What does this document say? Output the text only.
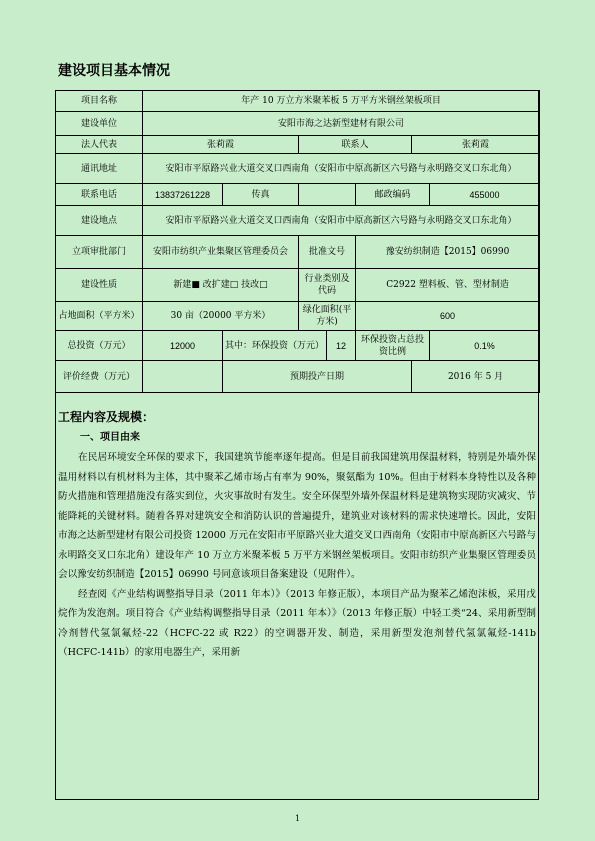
建设项目基本情况
项目名称	年产 10 万立方米聚苯板 5 万平方米钢丝架板项目						
建设单位	安阳市海之达新型建材有限公司						
法人代表	张莉霞		联系人			张莉霞	
通讯地址	安阳市平原路兴业大道交叉口西南角（安阳市中原高新区六号路与永明路交叉口东北角）						
联系电话	13837261228	传真			邮政编码		455000
建设地点	安阳市平原路兴业大道交叉口西南角（安阳市中原高新区六号路与永明路交叉口东北角）						
立项审批部门	安阳市纺织产业集聚区管理委员会		批准文号		豫安纺织制造【2015】06990		
建设性质	新建■ 改扩建□ 技改□		行业类别及代码		C2922 塑料板、管、型材制造		
占地面积（平方米）	30 亩（20000 平方米）		绿化面积(平方米)		600		
总投资（万元）	12000	其中：环保投资（万元）		12	环保投资占总投资比例		0.1%
评价经费（万元）		预期投产日期				2016 年 5 月	
工程内容及规模：
一、项目由来

在民居环境安全环保的要求下，我国建筑节能率逐年提高。但是目前我国建筑用保温材料，特别是外墙外保温用材料以有机材料为主体，其中聚苯乙烯市场占有率为 90%，聚氨酯为 10%。但由于材料本身特性以及各种防火措施和管理措施没有落实到位，火灾事故时有发生。安全环保型外墙外保温材料是建筑物实现防灾减灾、节能降耗的关键材料。随着各界对建筑安全和消防认识的普遍提升，建筑业对该材料的需求快速增长。因此，安阳市海之达新型建材有限公司投资 12000 万元在安阳市平原路兴业大道交叉口西南角（安阳市中原高新区六号路与永明路交叉口东北角）建设年产 10 万立方米聚苯板 5 万平方米钢丝架板项目。安阳市纺织产业集聚区管理委员会以豫安纺织制造【2015】06990 号同意该项目备案建设（见附件）。

经查阅《产业结构调整指导目录（2011 年本）》（2013 年修正版），本项目产品为聚苯乙烯泡沫板，采用戊烷作为发泡剂。项目符合《产业结构调整指导目录（2011 年本）》（2013 年修正版）中轻工类“24、采用新型制冷剂替代氢氯氟烃-22（HCFC-22 或 R22）的空调器开发、制造，采用新型发泡剂替代氢氯氟烃-141b（HCFC-141b）的家用电器生产，采用新

1
